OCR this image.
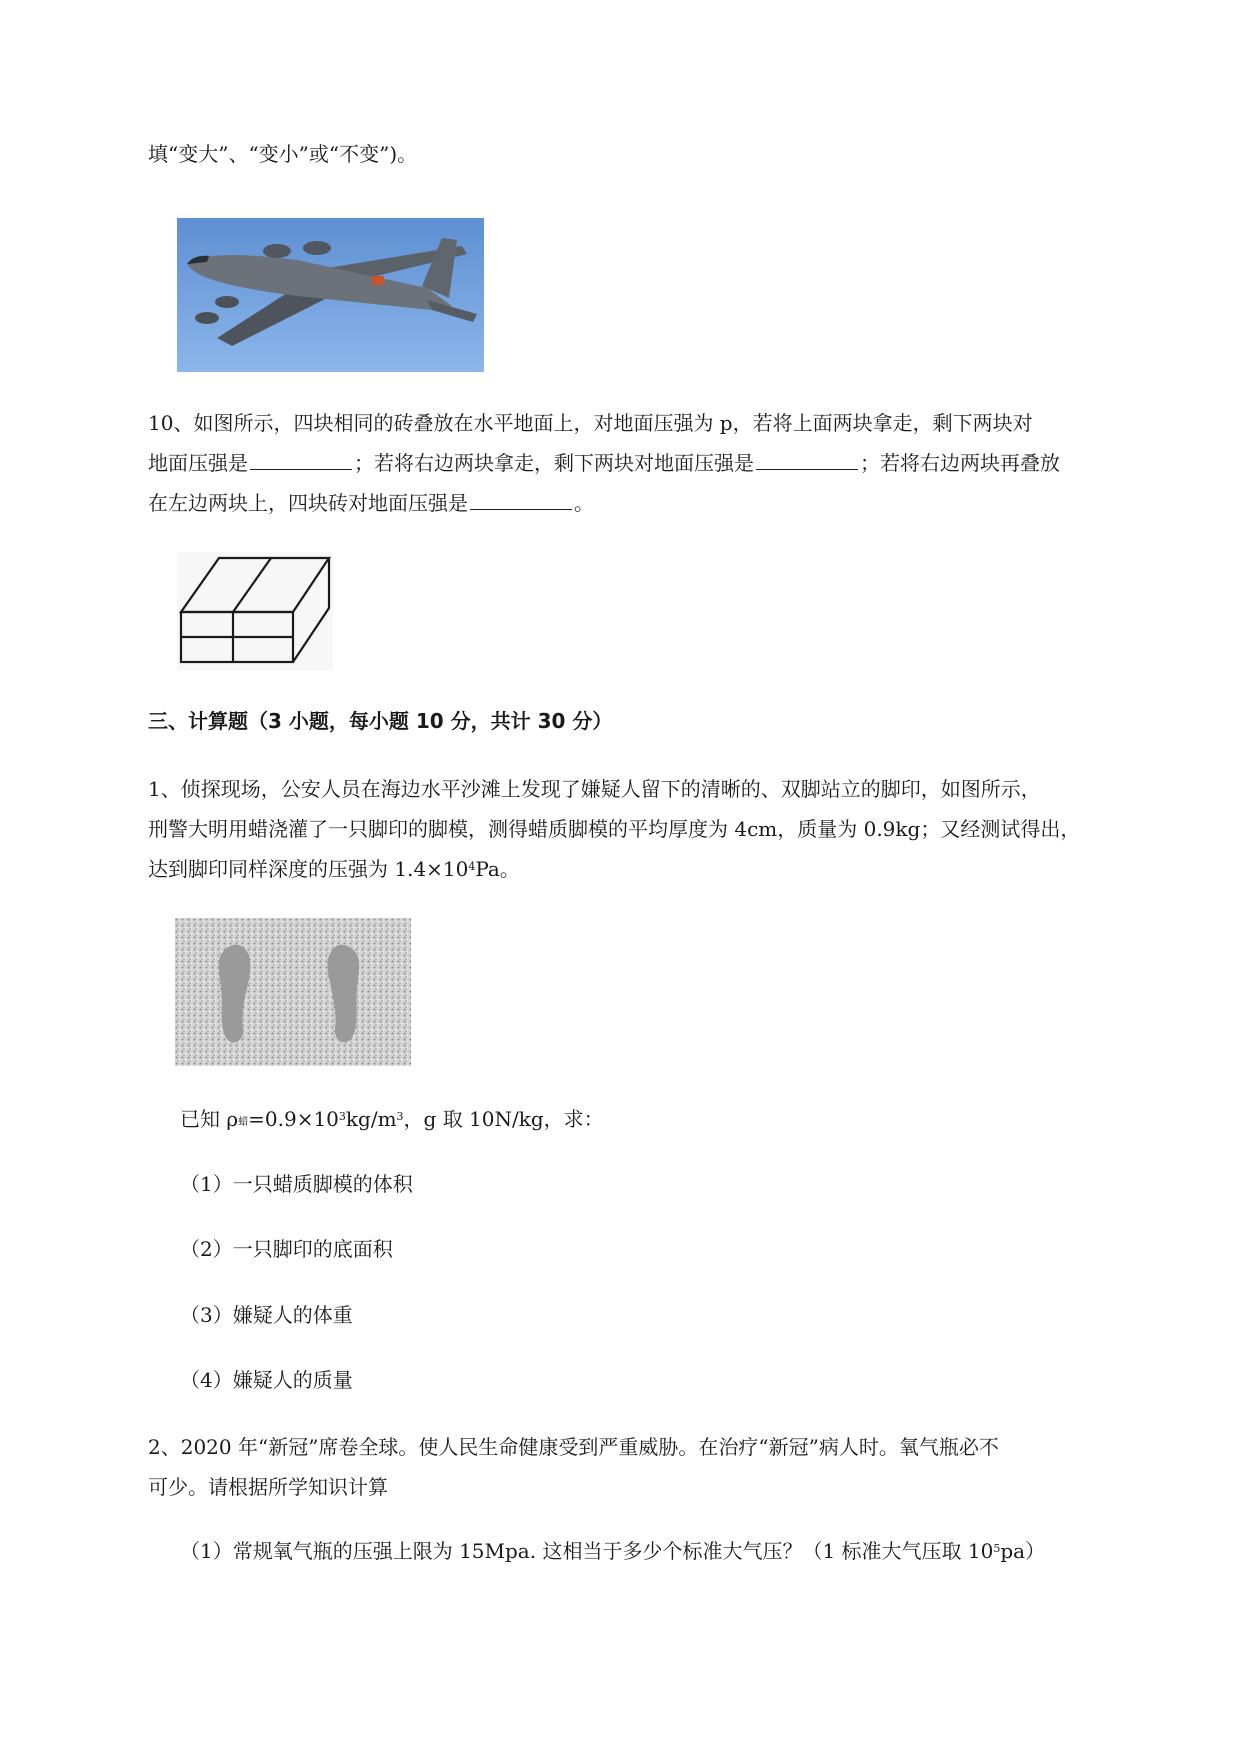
填“变大”、“变小”或“不变”)。
10、如图所示，四块相同的砖叠放在水平地面上，对地面压强为 p，若将上面两块拿走，剩下两块对
地面压强是	；若将右边两块拿走，剩下两块对地面压强是	；若将右边两块再叠放
在左边两块上，四块砖对地面压强是	。
三、计算题（3 小题，每小题 10 分，共计 30 分）
1、侦探现场，公安人员在海边水平沙滩上发现了嫌疑人留下的清晰的、双脚站立的脚印，如图所示，
刑警大明用蜡浇灌了一只脚印的脚模，测得蜡质脚模的平均厚度为 4cm，质量为 0.9kg；又经测试得出，
达到脚印同样深度的压强为 $1.4\times 10^4Pa$。
已知 $\rho_蜡=0.9\times 10^3kg/m^3$，g 取 10N/kg，求：
（1）一只蜡质脚模的体积
（2）一只脚印的底面积
（3）嫌疑人的体重
（4）嫌疑人的质量
2、2020 年“新冠”席卷全球。使人民生命健康受到严重威胁。在治疗“新冠”病人时。氧气瓶必不
可少。请根据所学知识计算
（1）常规氧气瓶的压强上限为 15Mpa. 这相当于多少个标准大气压？（1 标准大气压取 $10^5pa$）
